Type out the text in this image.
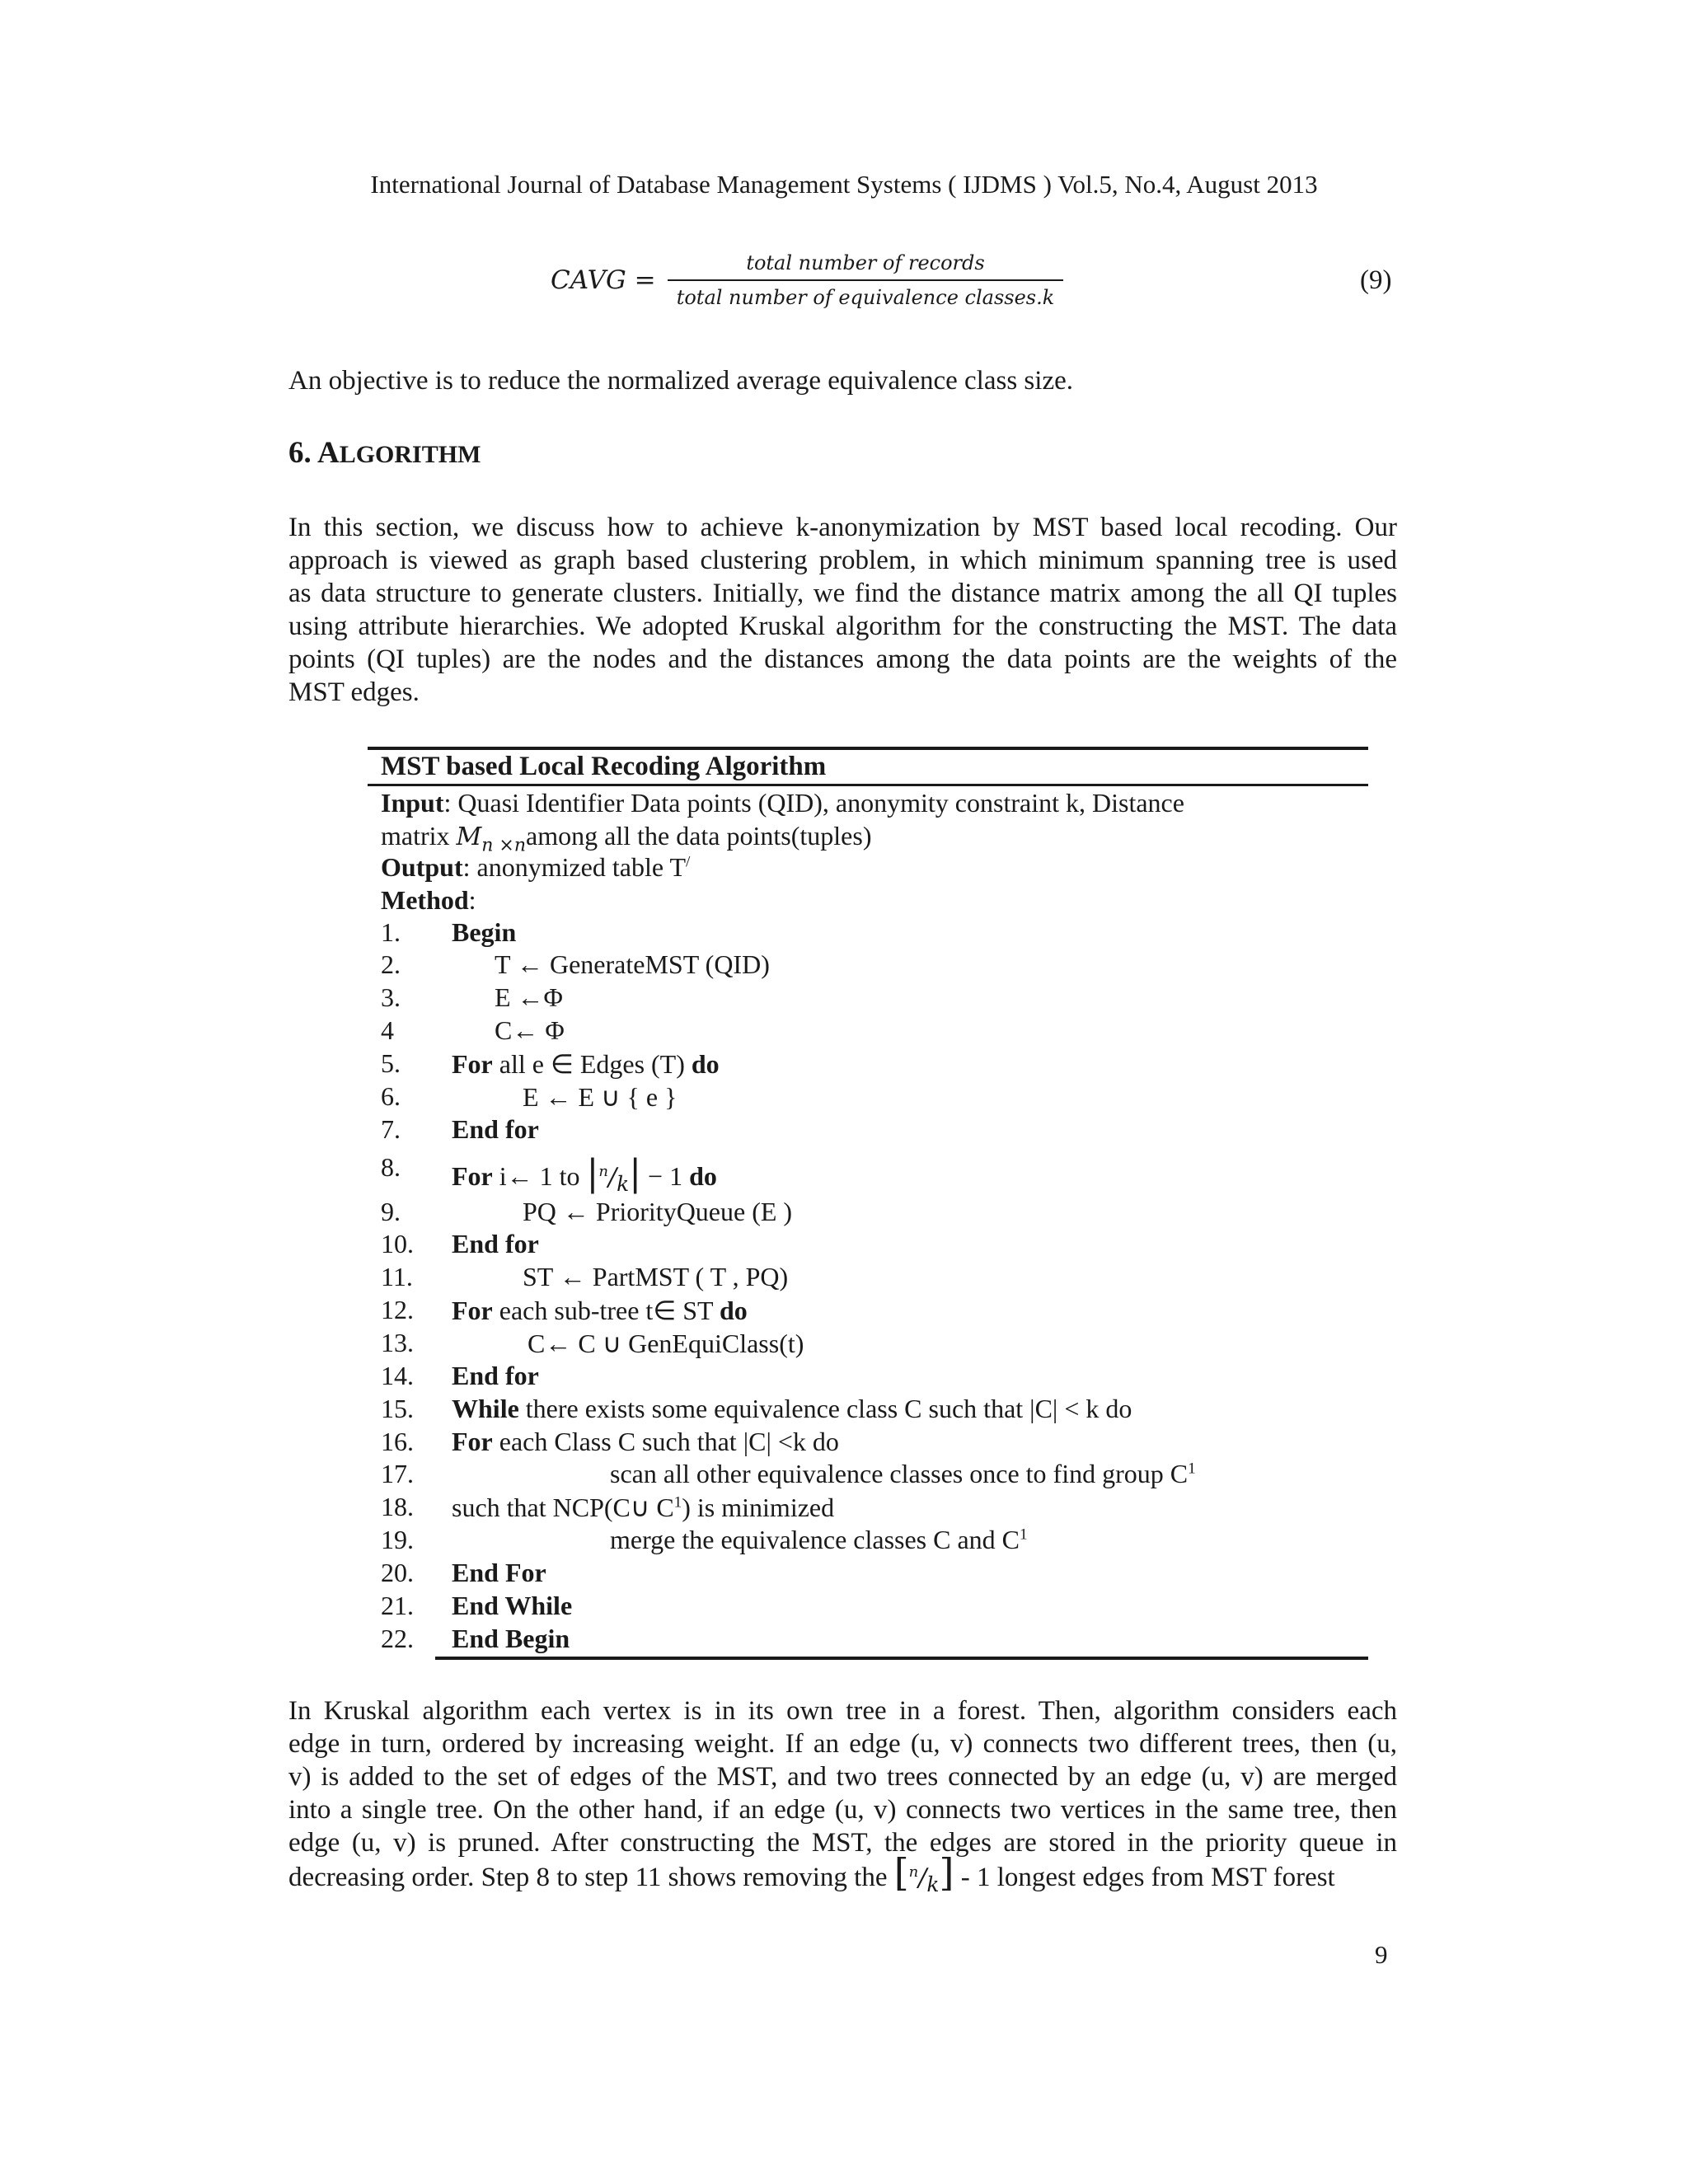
International Journal of Database Management Systems ( IJDMS ) Vol.5, No.4, August 2013
CAVG =
total number of records
total number of equivalence classes.k
(9)
An objective is to reduce the normalized average equivalence class size.
6. ALGORITHM
In this section, we discuss how to achieve k-anonymization by MST based local recoding. Our
approach is viewed as graph based clustering problem, in which minimum spanning tree is used
as data structure to generate clusters. Initially, we find the distance matrix among the all QI tuples
using attribute hierarchies. We adopted Kruskal algorithm for the constructing the MST. The data
points (QI tuples) are the nodes and the distances among the data points are the weights of the
MST edges.
MST based Local Recoding Algorithm
Input: Quasi Identifier Data points (QID), anonymity constraint k, Distance
matrix $M_{n \times n}among$ all the data points(tuples)
Output: anonymized table T/
Method:
1. Begin
2.	T ← GenerateMST (QID)
3.	E ←Φ
4	C← Φ
5. For all e ∈ Edges (T) do
6.	E ← E ∪ { e }
7. End for
8. For i← 1 to $|^n/_k| - 1$ do
9.	PQ ← PriorityQueue (E )
10. End for
11.	ST ← PartMST ( T , PQ)
12. For each sub-tree t∈ ST do
13.	C← C ∪ GenEquiClass(t)
14. End for
15. While there exists some equivalence class C such that |C| < k do
16. For each Class C such that |C| <k do
17.	scan all other equivalence classes once to find group $C^1$
18. such that NCP(C∪ $C^1$) is minimized
19.	merge the equivalence classes C and $C^1$
20. End For
21. End While
22. End Begin
In Kruskal algorithm each vertex is in its own tree in a forest. Then, algorithm considers each
edge in turn, ordered by increasing weight. If an edge (u, v) connects two different trees, then (u,
v) is added to the set of edges of the MST, and two trees connected by an edge (u, v) are merged
into a single tree. On the other hand, if an edge (u, v) connects two vertices in the same tree, then
edge (u, v) is pruned. After constructing the MST, the edges are stored in the priority queue in
decreasing order. Step 8 to step 11 shows removing the $[^n/_k] - 1$ longest edges from MST forest
9
